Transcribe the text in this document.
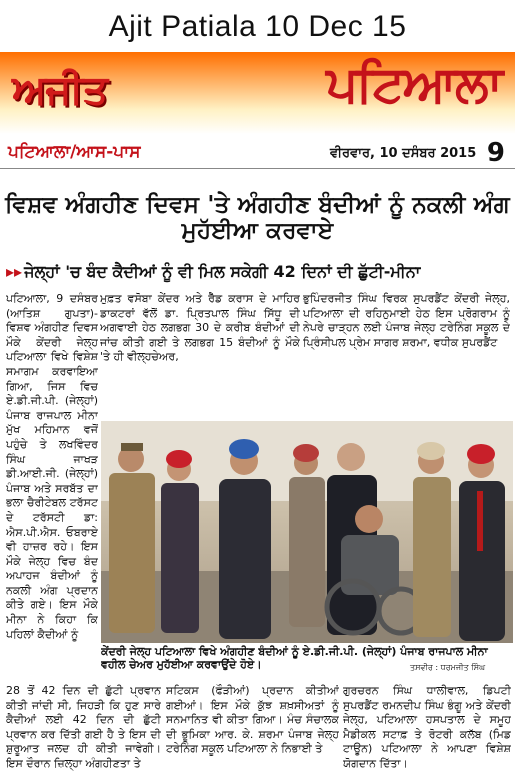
Ajit Patiala 10 Dec 15
ਅਜੀਤ	ਪਟਿਆਲਾ
ਪਟਿਆਲਾ/ਆਸ-ਪਾਸ	ਵੀਰਵਾਰ, 10 ਦਸੰਬਰ 2015 9
ਵਿਸ਼ਵ ਅੰਗਹੀਣ ਦਿਵਸ 'ਤੇ ਅੰਗਹੀਣ ਬੰਦੀਆਂ ਨੂੰ ਨਕਲੀ ਅੰਗ ਮੁਹੱਈਆ ਕਰਵਾਏ
▸▸ ਜੇਲ੍ਹਾਂ 'ਚ ਬੰਦ ਕੈਦੀਆਂ ਨੂੰ ਵੀ ਮਿਲ ਸਕੇਗੀ 42 ਦਿਨਾਂ ਦੀ ਛੁੱਟੀ-ਮੀਨਾ
ਪਟਿਆਲਾ, 9 ਦਸੰਬਰ (ਆਤਿਸ਼ ਗੁਪਤਾ)- ਵਿਸ਼ਵ ਅੰਗਹੀਣ ਦਿਵਸ ਮੌਕੇ ਕੇਂਦਰੀ ਜੇਲ੍ਹ ਪਟਿਆਲਾ ਵਿਖੇ ਵਿਸ਼ੇਸ਼ ਸਮਾਗਮ ਕਰਵਾਇਆ ਗਿਆ, ਜਿਸ ਵਿਚ ਏ.ਡੀ.ਜੀ.ਪੀ. (ਜੇਲ੍ਹਾਂ) ਪੰਜਾਬ ਰਾਜਪਾਲ ਮੀਨਾ ਮੁੱਖ ਮਹਿਮਾਨ ਵਜੋਂ ਪਹੁੰਚੇ ਤੇ ਲਖਵਿੰਦਰ ਸਿੰਘ ਜਾਖੜ ਡੀ.ਆਈ.ਜੀ. (ਜੇਲ੍ਹਾਂ) ਪੰਜਾਬ ਅਤੇ ਸਰਬੱਤ ਦਾ ਭਲਾ ਚੈਰੀਟੇਬਲ ਟਰੱਸਟ ਦੇ ਟਰੱਸਟੀ ਡਾ: ਐਸ.ਪੀ.ਐਸ. ਓਬਰਾਏ ਵੀ ਹਾਜ਼ਰ ਰਹੇ। ਇਸ ਮੌਕੇ ਜੇਲ੍ਹ ਵਿਚ ਬੰਦ ਅਪਾਹਜ ਬੰਦੀਆਂ ਨੂੰ ਨਕਲੀ ਅੰਗ ਪ੍ਰਦਾਨ ਕੀਤੇ ਗਏ। ਇਸ ਮੌਕੇ ਮੀਨਾ ਨੇ ਕਿਹਾ ਕਿ ਪਹਿਲਾਂ ਕੈਦੀਆਂ ਨੂੰ
ਮੁਫ਼ਤ ਵਸੋਬਾ ਕੇਂਦਰ ਅਤੇ ਰੈੱਡ ਕਰਾਸ ਦੇ ਮਾਹਿਰ ਡਾਕਟਰਾਂ ਵੱਲੋਂ ਡਾ. ਪ੍ਰਿਤਪਾਲ ਸਿੰਘ ਸਿੱਧੂ ਦੀ ਅਗਵਾਈ ਹੇਠ ਲਗਭਗ 30 ਦੇ ਕਰੀਬ ਬੰਦੀਆਂ ਦੀ ਜਾਂਚ ਕੀਤੀ ਗਈ ਤੇ ਲਗਭਗ 15 ਬੰਦੀਆਂ ਨੂੰ ਮੌਕੇ 'ਤੇ ਹੀ ਵੀਲ੍ਹਚੇਅਰ,
ਭੁਪਿੰਦਰਜੀਤ ਸਿੰਘ ਵਿਰਕ ਸੁਪਰਡੈਂਟ ਕੇਂਦਰੀ ਜੇਲ੍ਹ, ਪਟਿਆਲਾ ਦੀ ਰਹਿਨੁਮਾਈ ਹੇਠ ਇਸ ਪ੍ਰੋਗਰਾਮ ਨੂੰ ਨੇਪਰੇ ਚਾੜ੍ਹਨ ਲਈ ਪੰਜਾਬ ਜੇਲ੍ਹ ਟਰੇਨਿੰਗ ਸਕੂਲ ਦੇ ਪ੍ਰਿੰਸੀਪਲ ਪ੍ਰੇਮ ਸਾਗਰ ਸ਼ਰਮਾ, ਵਧੀਕ ਸੁਪਰਡੈਂਟ
ਕੇਂਦਰੀ ਜੇਲ੍ਹ ਪਟਿਆਲਾ ਵਿਖੇ ਅੰਗਹੀਣ ਬੰਦੀਆਂ ਨੂੰ ਏ.ਡੀ.ਜੀ.ਪੀ. (ਜੇਲ੍ਹਾਂ) ਪੰਜਾਬ ਰਾਜਪਾਲ ਮੀਨਾ ਵਹੀਲ ਚੇਅਰ ਮੁਹੱਈਆ ਕਰਵਾਉਂਦੇ ਹੋਏ।	ਤਸਵੀਰ : ਧਰਮਜੀਤ ਸਿੰਘ
28 ਤੋਂ 42 ਦਿਨ ਦੀ ਛੁੱਟੀ ਪ੍ਰਵਾਨ ਕੀਤੀ ਜਾਂਦੀ ਸੀ, ਜਿਹੜੀ ਕਿ ਹੁਣ ਸਾਰੇ ਕੈਦੀਆਂ ਲਈ 42 ਦਿਨ ਦੀ ਛੁੱਟੀ ਪ੍ਰਵਾਨ ਕਰ ਦਿੱਤੀ ਗਈ ਹੈ ਤੇ ਇਸ ਦੀ ਸ਼ੁਰੂਆਤ ਜਲਦ ਹੀ ਕੀਤੀ ਜਾਵੇਗੀ। ਇਸ ਦੌਰਾਨ ਜ਼ਿਲ੍ਹਾ ਅੰਗਹੀਣਤਾ ਤੇ
ਸਟਿਕਸ (ਫੌੜੀਆਂ) ਪ੍ਰਦਾਨ ਕੀਤੀਆਂ ਗਈਆਂ। ਇਸ ਮੌਕੇ ਕੁੱਝ ਸ਼ਖ਼ਸੀਅਤਾਂ ਨੂੰ ਸਨਮਾਨਿਤ ਵੀ ਕੀਤਾ ਗਿਆ। ਮੰਚ ਸੰਚਾਲਕ ਦੀ ਭੂਮਿਕਾ ਆਰ. ਕੇ. ਸ਼ਰਮਾ ਪੰਜਾਬ ਜੇਲ੍ਹ ਟਰੇਨਿੰਗ ਸਕੂਲ ਪਟਿਆਲਾ ਨੇ ਨਿਭਾਈ ਤੇ
ਗੁਰਚਰਨ ਸਿੰਘ ਧਾਲੀਵਾਲ, ਡਿਪਟੀ ਸੁਪਰਡੈਂਟ ਰਮਨਦੀਪ ਸਿੰਘ ਭੰਗੂ ਅਤੇ ਕੇਂਦਰੀ ਜੇਲ੍ਹ, ਪਟਿਆਲਾ ਹਸਪਤਾਲ ਦੇ ਸਮੂਹ ਮੈਡੀਕਲ ਸਟਾਫ਼ ਤੇ ਰੋਟਰੀ ਕਲੱਬ (ਮਿਡ ਟਾਊਨ) ਪਟਿਆਲਾ ਨੇ ਆਪਣਾ ਵਿਸ਼ੇਸ਼ ਯੋਗਦਾਨ ਦਿੱਤਾ।
